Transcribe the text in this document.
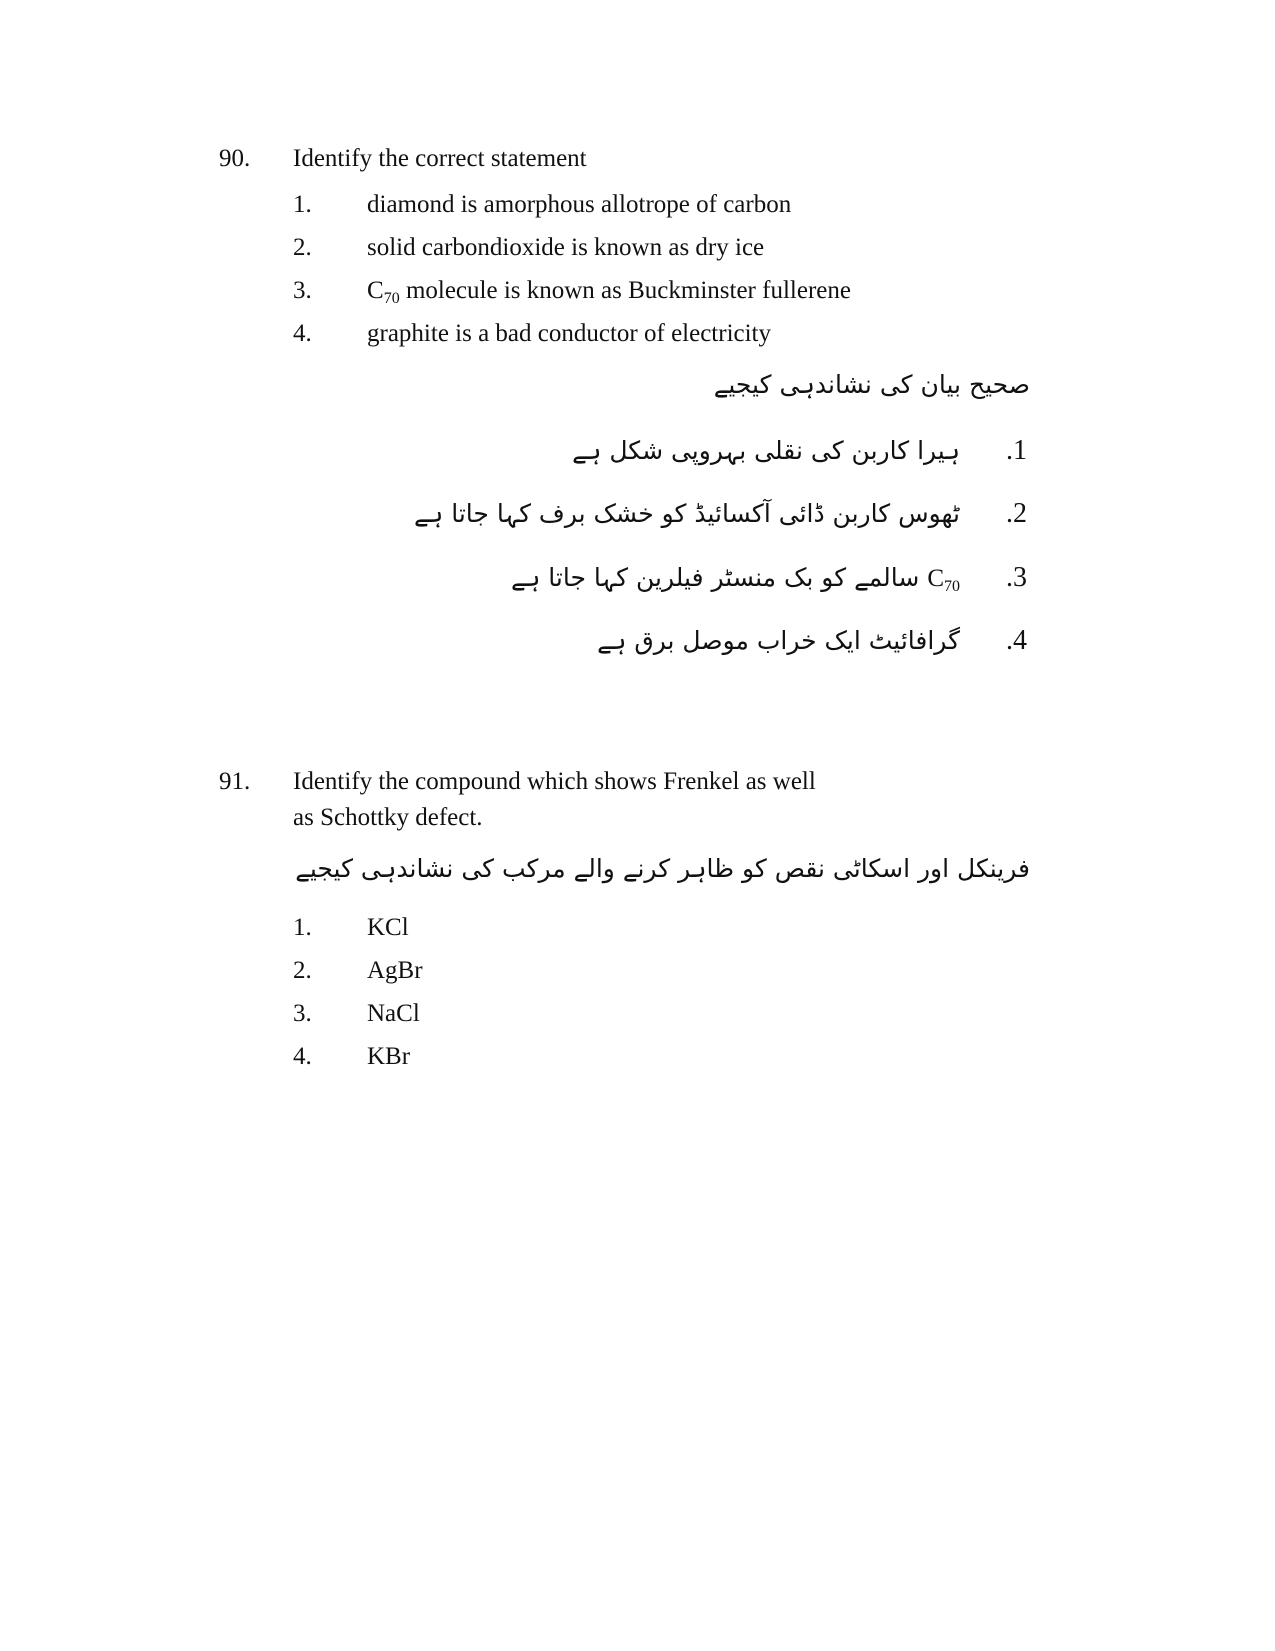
90. Identify the correct statement
1. diamond is amorphous allotrope of carbon
2. solid carbondioxide is known as dry ice
3. $C_{70}$ molecule is known as Buckminster fullerene
4. graphite is a bad conductor of electricity
صحیح بیان کی نشاندہی کیجیے
.1
ہیرا کاربن کی نقلی بہروپی شکل ہے
.2
ٹھوس کاربن ڈائی آکسائیڈ کو خشک برف کہا جاتا ہے
.3
$C_{70}$ سالمے کو بک منسٹر فیلرین کہا جاتا ہے
.4
گرافائیٹ ایک خراب موصل برق ہے
91. Identify the compound which shows Frenkel as well
as Schottky defect.
فرینکل اور اسکاٹی نقص کو ظاہر کرنے والے مرکب کی نشاندہی کیجیے
1. KCl
2. AgBr
3. NaCl
4. KBr
